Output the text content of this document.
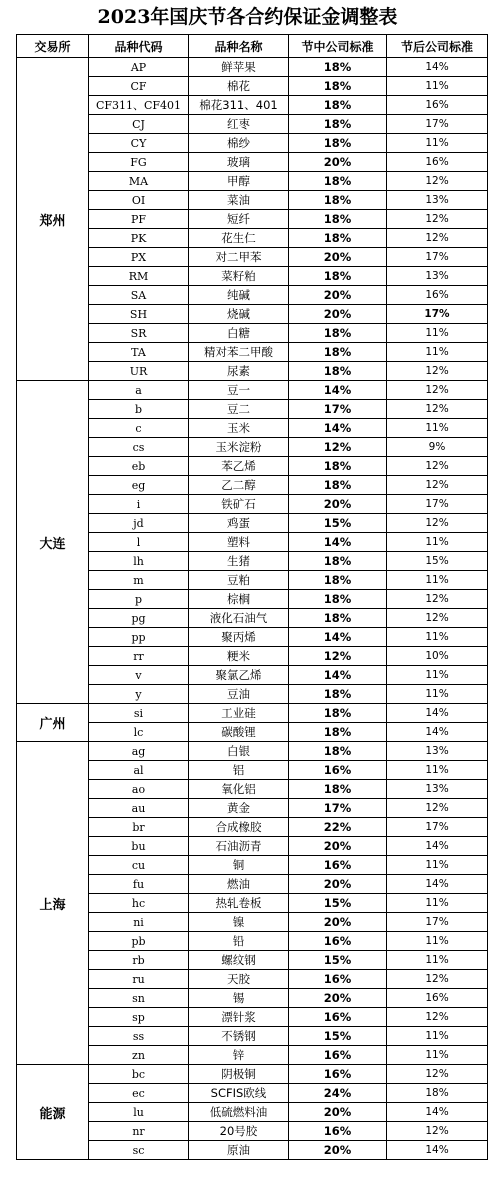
2023年国庆节各合约保证金调整表
交易所	品种代码	品种名称	节中公司标准	节后公司标准
郑州	AP	鲜苹果	18%	14%
	CF	棉花	18%	11%
	CF311、CF401	棉花311、401	18%	16%
	CJ	红枣	18%	17%
	CY	棉纱	18%	11%
	FG	玻璃	20%	16%
	MA	甲醇	18%	12%
	OI	菜油	18%	13%
	PF	短纤	18%	12%
	PK	花生仁	18%	12%
	PX	对二甲苯	20%	17%
	RM	菜籽粕	18%	13%
	SA	纯碱	20%	16%
	SH	烧碱	20%	17%
	SR	白糖	18%	11%
	TA	精对苯二甲酸	18%	11%
	UR	尿素	18%	12%
大连	a	豆一	14%	12%
	b	豆二	17%	12%
	c	玉米	14%	11%
	cs	玉米淀粉	12%	9%
	eb	苯乙烯	18%	12%
	eg	乙二醇	18%	12%
	i	铁矿石	20%	17%
	jd	鸡蛋	15%	12%
	l	塑料	14%	11%
	lh	生猪	18%	15%
	m	豆粕	18%	11%
	p	棕榈	18%	12%
	pg	液化石油气	18%	12%
	pp	聚丙烯	14%	11%
	rr	粳米	12%	10%
	v	聚氯乙烯	14%	11%
	y	豆油	18%	11%
广州	si	工业硅	18%	14%
	lc	碳酸锂	18%	14%
上海	ag	白银	18%	13%
	al	铝	16%	11%
	ao	氧化铝	18%	13%
	au	黄金	17%	12%
	br	合成橡胶	22%	17%
	bu	石油沥青	20%	14%
	cu	铜	16%	11%
	fu	燃油	20%	14%
	hc	热轧卷板	15%	11%
	ni	镍	20%	17%
	pb	铅	16%	11%
	rb	螺纹钢	15%	11%
	ru	天胶	16%	12%
	sn	锡	20%	16%
	sp	漂针浆	16%	12%
	ss	不锈钢	15%	11%
	zn	锌	16%	11%
能源	bc	阴极铜	16%	12%
	ec	SCFIS欧线	24%	18%
	lu	低硫燃料油	20%	14%
	nr	20号胶	16%	12%
	sc	原油	20%	14%
